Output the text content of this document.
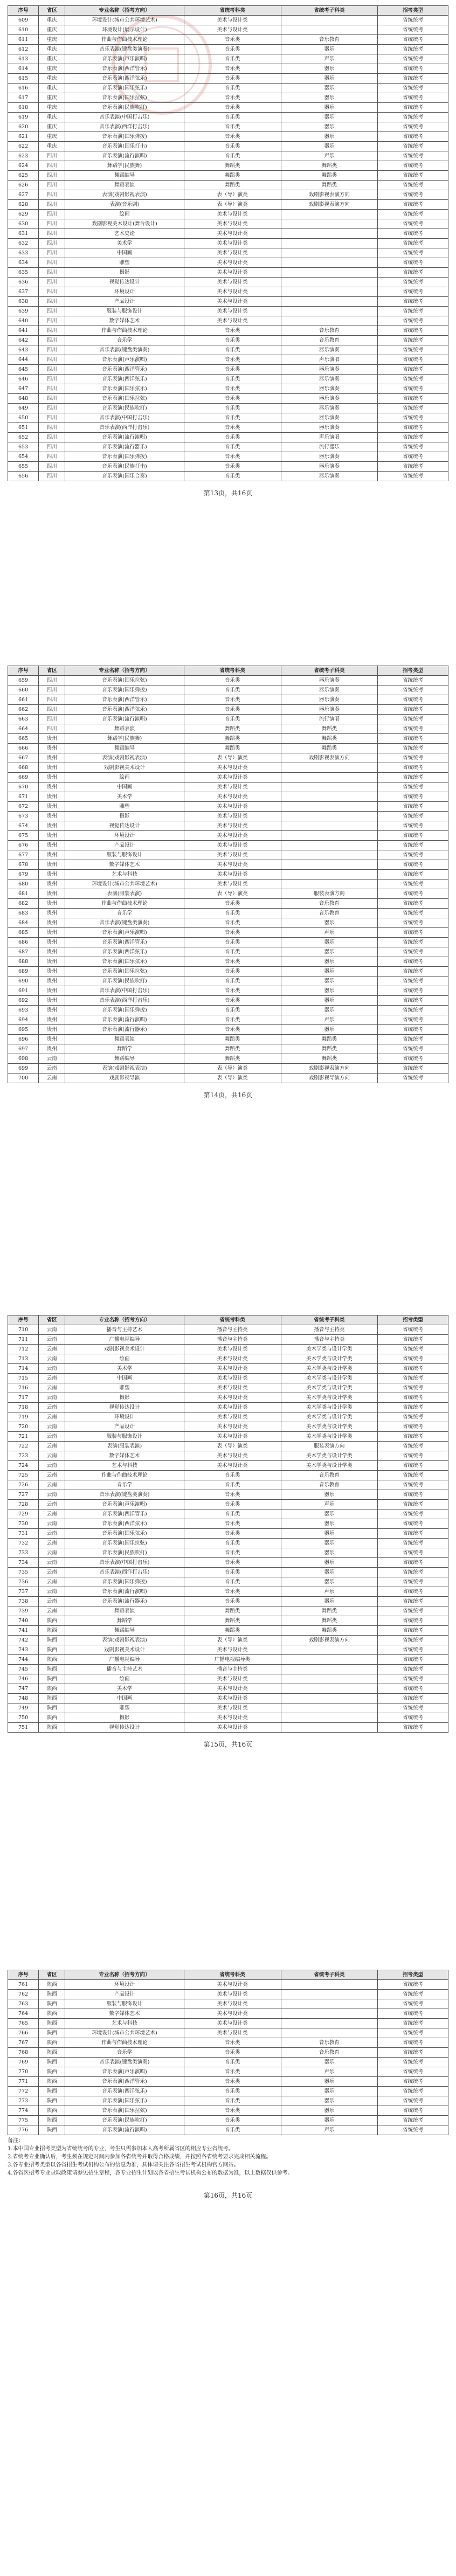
序号	省区	专业名称（招考方向）	省统考科类	省统考子科类	招考类型
609	重庆	环境设计(城市公共环境艺术)	美术与设计类		省统统考
610	重庆	环境设计(展示设计)	美术与设计类		省统统考
611	重庆	作曲与作曲技术理论	音乐类	音乐教育	省统统考
612	重庆	音乐表演(键盘类演奏)	音乐类	器乐	省统统考
613	重庆	音乐表演(声乐演唱)	音乐类	声乐	省统统考
614	重庆	音乐表演(西洋管乐)	音乐类	器乐	省统统考
615	重庆	音乐表演(西洋弦乐)	音乐类	器乐	省统统考
616	重庆	音乐表演(国乐弦乐)	音乐类	器乐	省统统考
617	重庆	音乐表演(国乐拉弦)	音乐类	器乐	省统统考
618	重庆	音乐表演(民族吹打)	音乐类	器乐	省统统考
619	重庆	音乐表演(中国打击乐)	音乐类	器乐	省统统考
620	重庆	音乐表演(西洋打击乐)	音乐类	器乐	省统统考
621	重庆	音乐表演(国乐弹拨)	音乐类	器乐	省统统考
622	重庆	音乐表演(国乐打击)	音乐类	器乐	省统统考
623	四川	音乐表演(流行演唱)	音乐类	声乐	省统统考
624	四川	舞蹈学(民族舞)	舞蹈类	舞蹈类	省统统考
625	四川	舞蹈编导	舞蹈类	舞蹈类	省统统考
626	四川	舞蹈表演	舞蹈类	舞蹈类	省统统考
627	四川	表演(戏剧影视表演)	表（导）演类	戏剧影视表演方向	省统统考
628	四川	表演(音乐剧)	表（导）演类	戏剧影视表演方向	省统统考
629	四川	绘画	美术与设计类		省统统考
630	四川	戏剧影视美术设计(舞台设计)	美术与设计类		省统统考
631	四川	艺术史论	美术与设计类		省统统考
632	四川	美术学	美术与设计类		省统统考
633	四川	中国画	美术与设计类		省统统考
634	四川	雕塑	美术与设计类		省统统考
635	四川	摄影	美术与设计类		省统统考
636	四川	视觉传达设计	美术与设计类		省统统考
637	四川	环境设计	美术与设计类		省统统考
638	四川	产品设计	美术与设计类		省统统考
639	四川	服装与服饰设计	美术与设计类		省统统考
640	四川	数字媒体艺术	美术与设计类		省统统考
641	四川	作曲与作曲技术理论	音乐类	音乐教育	省统统考
642	四川	音乐学	音乐类	音乐教育	省统统考
643	四川	音乐表演(键盘类演奏)	音乐类	器乐演奏	省统统考
644	四川	音乐表演(声乐演唱)	音乐类	声乐演唱	省统统考
645	四川	音乐表演(西洋管乐)	音乐类	器乐演奏	省统统考
646	四川	音乐表演(西洋弦乐)	音乐类	器乐演奏	省统统考
647	四川	音乐表演(国乐弦乐)	音乐类	器乐演奏	省统统考
648	四川	音乐表演(国乐拉弦)	音乐类	器乐演奏	省统统考
649	四川	音乐表演(民族吹打)	音乐类	器乐演奏	省统统考
650	四川	音乐表演(中国打击乐)	音乐类	器乐演奏	省统统考
651	四川	音乐表演(西洋打击乐)	音乐类	器乐演奏	省统统考
652	四川	音乐表演(流行演唱)	音乐类	声乐演唱	省统统考
653	四川	音乐表演(流行器乐)	音乐类	流行器乐	省统统考
654	四川	音乐表演(国乐弹拨)	音乐类	器乐演奏	省统统考
655	四川	音乐表演(民族打击)	音乐类	器乐演奏	省统统考
656	四川	音乐表演(国乐合奏)	音乐类	器乐演奏	省统统考
第13页，共16页
序号	省区	专业名称（招考方向）	省统考科类	省统考子科类	招考类型
659	四川	音乐表演(国乐拉弦)	音乐类	器乐演奏	省统统考
660	四川	音乐表演(国乐弹拨)	音乐类	器乐演奏	省统统考
661	四川	音乐表演(西洋管乐)	音乐类	器乐演奏	省统统考
662	四川	音乐表演(西洋弦乐)	音乐类	器乐演奏	省统统考
663	四川	音乐表演(流行演唱)	音乐类	流行演唱	省统统考
664	四川	舞蹈表演	舞蹈类	舞蹈类	省统统考
665	贵州	舞蹈学(民族舞)	舞蹈类	舞蹈类	省统统考
666	贵州	舞蹈编导	舞蹈类	舞蹈类	省统统考
667	贵州	表演(戏剧影视表演)	表（导）演类	戏剧影视表演方向	省统统考
668	贵州	戏剧影视美术设计	美术与设计类		省统统考
669	贵州	绘画	美术与设计类		省统统考
670	贵州	中国画	美术与设计类		省统统考
671	贵州	美术学	美术与设计类		省统统考
672	贵州	雕塑	美术与设计类		省统统考
673	贵州	摄影	美术与设计类		省统统考
674	贵州	视觉传达设计	美术与设计类		省统统考
675	贵州	环境设计	美术与设计类		省统统考
676	贵州	产品设计	美术与设计类		省统统考
677	贵州	服装与服饰设计	美术与设计类		省统统考
678	贵州	数字媒体艺术	美术与设计类		省统统考
679	贵州	艺术与科技	美术与设计类		省统统考
680	贵州	环境设计(城市公共环境艺术)	美术与设计类		省统统考
681	贵州	表演(服装表演)	表（导）演类	服装表演方向	省统统考
682	贵州	作曲与作曲技术理论	音乐类	音乐教育	省统统考
683	贵州	音乐学	音乐类	音乐教育	省统统考
684	贵州	音乐表演(键盘类演奏)	音乐类	器乐	省统统考
685	贵州	音乐表演(声乐演唱)	音乐类	声乐	省统统考
686	贵州	音乐表演(西洋管乐)	音乐类	器乐	省统统考
687	贵州	音乐表演(西洋弦乐)	音乐类	器乐	省统统考
688	贵州	音乐表演(国乐弦乐)	音乐类	器乐	省统统考
689	贵州	音乐表演(国乐拉弦)	音乐类	器乐	省统统考
690	贵州	音乐表演(民族吹打)	音乐类	器乐	省统统考
691	贵州	音乐表演(中国打击乐)	音乐类	器乐	省统统考
692	贵州	音乐表演(西洋打击乐)	音乐类	器乐	省统统考
693	贵州	音乐表演(国乐弹拨)	音乐类	器乐	省统统考
694	贵州	音乐表演(流行演唱)	音乐类	声乐	省统统考
695	贵州	音乐表演(流行器乐)	音乐类	器乐	省统统考
696	贵州	舞蹈表演	舞蹈类	舞蹈类	省统统考
697	贵州	舞蹈学	舞蹈类	舞蹈类	省统统考
698	云南	舞蹈编导	舞蹈类	舞蹈类	省统统考
699	云南	表演(戏剧影视表演)	表（导）演类	戏剧影视表演方向	省统统考
700	云南	戏剧影视导演	表（导）演类	戏剧影视导演方向	省统统考
第14页，共16页
序号	省区	专业名称（招考方向）	省统考科类	省统考子科类	招考类型
710	云南	播音与主持艺术	播音与主持类	播音与主持类	省统统考
711	云南	广播电视编导	播音与主持类	播音与主持类	省统统考
712	云南	戏剧影视美术设计	美术与设计类	美术学类与设计学类	省统统考
713	云南	绘画	美术与设计类	美术学类与设计学类	省统统考
714	云南	美术学	美术与设计类	美术学类与设计学类	省统统考
715	云南	中国画	美术与设计类	美术学类与设计学类	省统统考
716	云南	雕塑	美术与设计类	美术学类与设计学类	省统统考
717	云南	摄影	美术与设计类	美术学类与设计学类	省统统考
718	云南	视觉传达设计	美术与设计类	美术学类与设计学类	省统统考
719	云南	环境设计	美术与设计类	美术学类与设计学类	省统统考
720	云南	产品设计	美术与设计类	美术学类与设计学类	省统统考
721	云南	服装与服饰设计	美术与设计类	美术学类与设计学类	省统统考
722	云南	表演(服装表演)	表（导）演类	服装表演方向	省统统考
723	云南	数字媒体艺术	美术与设计类	美术学类与设计学类	省统统考
724	云南	艺术与科技	美术与设计类	美术学类与设计学类	省统统考
725	云南	作曲与作曲技术理论	音乐类	音乐教育	省统统考
726	云南	音乐学	音乐类	音乐教育	省统统考
727	云南	音乐表演(键盘类演奏)	音乐类	器乐	省统统考
728	云南	音乐表演(声乐演唱)	音乐类	声乐	省统统考
729	云南	音乐表演(西洋管乐)	音乐类	器乐	省统统考
730	云南	音乐表演(西洋弦乐)	音乐类	器乐	省统统考
731	云南	音乐表演(国乐弦乐)	音乐类	器乐	省统统考
732	云南	音乐表演(国乐拉弦)	音乐类	器乐	省统统考
733	云南	音乐表演(民族吹打)	音乐类	器乐	省统统考
734	云南	音乐表演(中国打击乐)	音乐类	器乐	省统统考
735	云南	音乐表演(西洋打击乐)	音乐类	器乐	省统统考
736	云南	音乐表演(国乐弹拨)	音乐类	器乐	省统统考
737	云南	音乐表演(流行演唱)	音乐类	声乐	省统统考
738	云南	音乐表演(流行器乐)	音乐类	器乐	省统统考
739	云南	舞蹈表演	舞蹈类	舞蹈类	省统统考
740	陕西	舞蹈学	舞蹈类	舞蹈类	省统统考
741	陕西	舞蹈编导	舞蹈类	舞蹈类	省统统考
742	陕西	表演(戏剧影视表演)	表（导）演类	戏剧影视表演方向	省统统考
743	陕西	戏剧影视美术设计	美术与设计类		省统统考
744	陕西	广播电视编导	广播电视编导类		省统统考
745	陕西	播音与主持艺术	播音与主持类		省统统考
746	陕西	绘画	美术与设计类		省统统考
747	陕西	美术学	美术与设计类		省统统考
748	陕西	中国画	美术与设计类		省统统考
749	陕西	雕塑	美术与设计类		省统统考
750	陕西	摄影	美术与设计类		省统统考
751	陕西	视觉传达设计	美术与设计类		省统统考
第15页，共16页
序号	省区	专业名称（招考方向）	省统考科类	省统考子科类	招考类型
761	陕西	环境设计	美术与设计类		省统统考
762	陕西	产品设计	美术与设计类		省统统考
763	陕西	服装与服饰设计	美术与设计类		省统统考
764	陕西	数字媒体艺术	美术与设计类		省统统考
765	陕西	艺术与科技	美术与设计类		省统统考
766	陕西	环境设计(城市公共环境艺术)	美术与设计类		省统统考
767	陕西	作曲与作曲技术理论	音乐类	音乐教育	省统统考
768	陕西	音乐学	音乐类	音乐教育	省统统考
769	陕西	音乐表演(键盘类演奏)	音乐类	器乐	省统统考
770	陕西	音乐表演(声乐演唱)	音乐类	声乐	省统统考
771	陕西	音乐表演(西洋管乐)	音乐类	器乐	省统统考
772	陕西	音乐表演(西洋弦乐)	音乐类	器乐	省统统考
773	陕西	音乐表演(国乐弦乐)	音乐类	器乐	省统统考
774	陕西	音乐表演(国乐拉弦)	音乐类	器乐	省统统考
775	陕西	音乐表演(民族吹打)	音乐类	器乐	省统统考
776	陕西	音乐表演(流行演唱)	音乐类	声乐	省统统考
备注：
1.本中国专业招考类型为省统统考的专业，考生只需参加本人高考所属省区的相应专业省统考。
2.省统考专业确认后，考生须在规定时间内参加各省统考并取得合格成绩，并按照各省统考要求完成相关流程。
3.各专业招考类型以各省招生考试机构公布的信息为准，具体请关注各省招生考试机构官方网站。
4.各省区招考专业录取政策请参见招生章程，各专业招生计划以各省招生考试机构公布的数据为准，以上数据仅供参考。
第16页，共16页
